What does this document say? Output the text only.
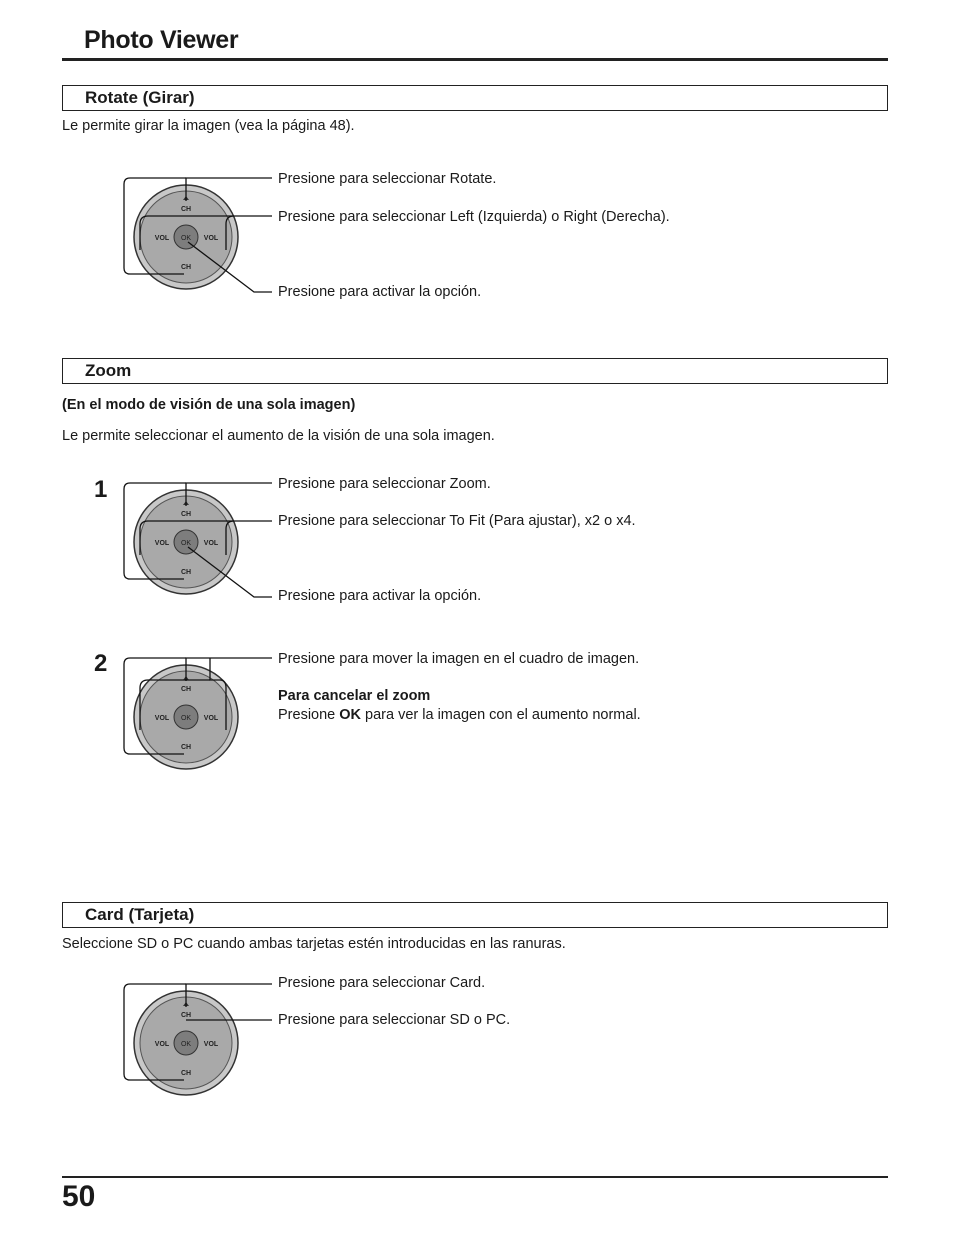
Photo Viewer
Rotate (Girar)
Le permite girar la imagen (vea la página 48).
CH
CH
VOL	VOL
OK
Presione para seleccionar Rotate.
Presione para seleccionar Left (Izquierda) o Right (Derecha).
Presione para activar la opción.
Zoom
(En el modo de visión de una sola imagen)
Le permite seleccionar el aumento de la visión de una sola imagen.
1
CH
CH
VOL	VOL
OK
Presione para seleccionar Zoom.
Presione para seleccionar To Fit (Para ajustar), x2 o x4.
Presione para activar la opción.
2
CH
CH
VOL	VOL
OK
Presione para mover la imagen en el cuadro de imagen.
Para cancelar el zoom
Presione OK para ver la imagen con el aumento normal.
Card (Tarjeta)
Seleccione SD o PC cuando ambas tarjetas estén introducidas en las ranuras.
CH
CH
VOL	VOL
OK
Presione para seleccionar Card.
Presione para seleccionar SD o PC.
50
